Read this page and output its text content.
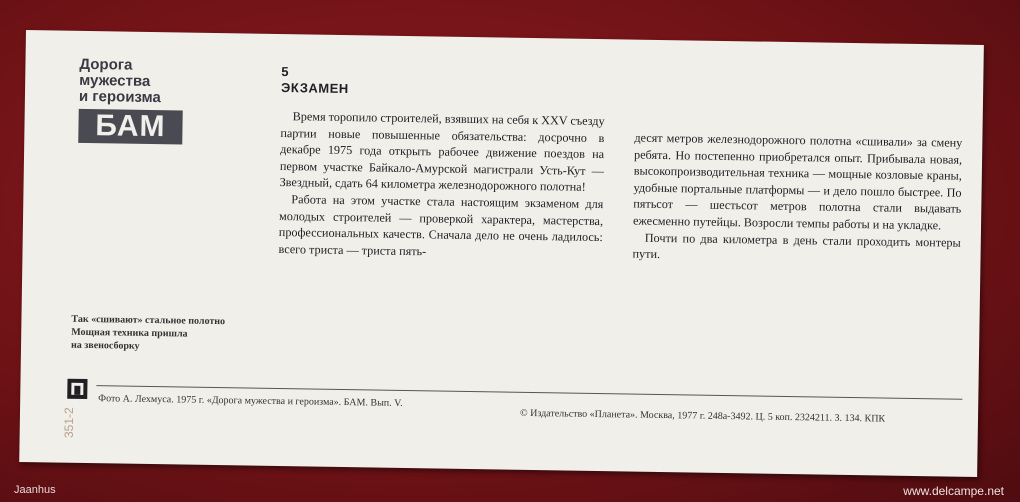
Дорога
мужества
и героизма
БАМ
5
ЭКЗАМЕН

Время торопило строителей, взявших на себя к XXV съезду партии новые повышенные обязательства: досрочно в декабре 1975 года открыть рабочее движение поездов на первом участке Байкало-Амурской магистрали Усть-Кут — Звездный, сдать 64 километра железнодорожного полотна!

Работа на этом участке стала настоящим экзаменом для молодых строителей — проверкой характера, мастерства, профессиональных качеств. Сначала дело не очень ладилось: всего триста — триста пять-

десят метров железнодорожного полотна «сшивали» за смену ребята. Но постепенно приобретался опыт. Прибывала новая, высокопроизводительная техника — мощные козловые краны, удобные портальные платформы — и дело пошло быстрее. По пятьсот — шестьсот метров полотна стали выдавать ежесменно путейцы. Возросли темпы работы и на укладке.

Почти по два километра в день стали проходить монтеры пути.

Так «сшивают» стальное полотно
Мощная техника пришла
на звеносборку
Фото А. Лехмуса. 1975 г. «Дорога мужества и героизма». БАМ. Вып. V.
© Издательство «Планета». Москва, 1977 г. 248а-3492. Ц. 5 коп. 2324211. З. 134. КПК
351-2
Jaanhus	www.delcampe.net
